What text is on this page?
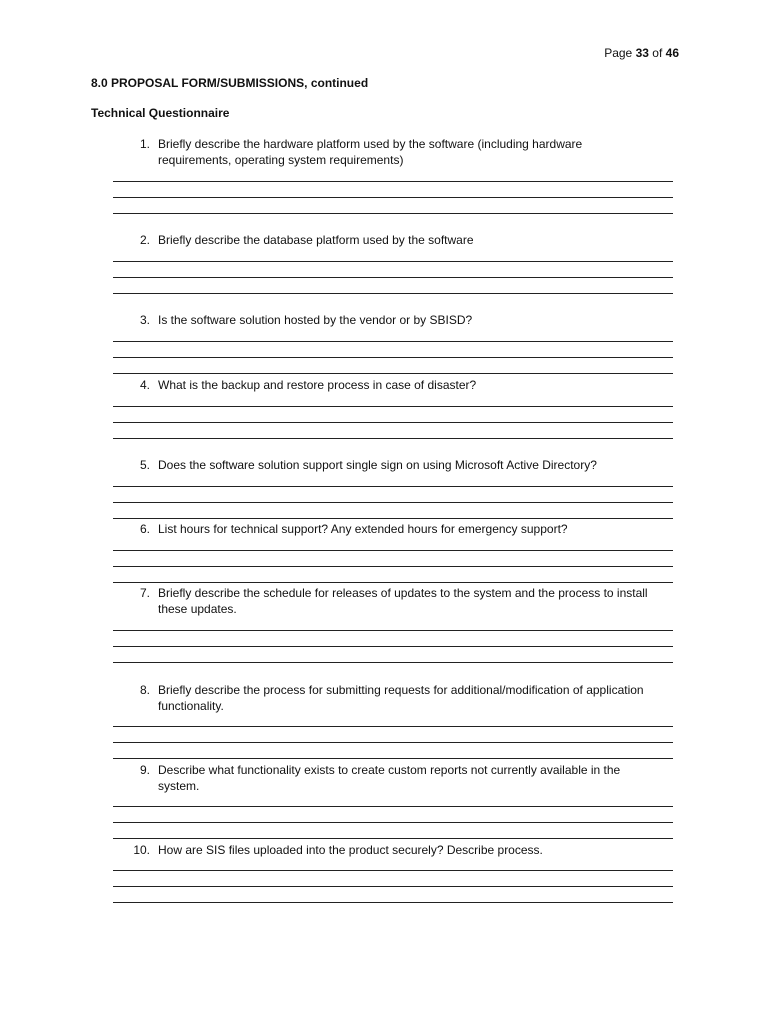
Page 33 of 46
8.0 PROPOSAL FORM/SUBMISSIONS, continued
Technical Questionnaire
1. Briefly describe the hardware platform used by the software (including hardware
requirements, operating system requirements)
2. Briefly describe the database platform used by the software
3. Is the software solution hosted by the vendor or by SBISD?
4. What is the backup and restore process in case of disaster?
5. Does the software solution support single sign on using Microsoft Active Directory?
6. List hours for technical support? Any extended hours for emergency support?
7. Briefly describe the schedule for releases of updates to the system and the process to install
these updates.
8. Briefly describe the process for submitting requests for additional/modification of application
functionality.
9. Describe what functionality exists to create custom reports not currently available in the
system.
10. How are SIS files uploaded into the product securely? Describe process.
